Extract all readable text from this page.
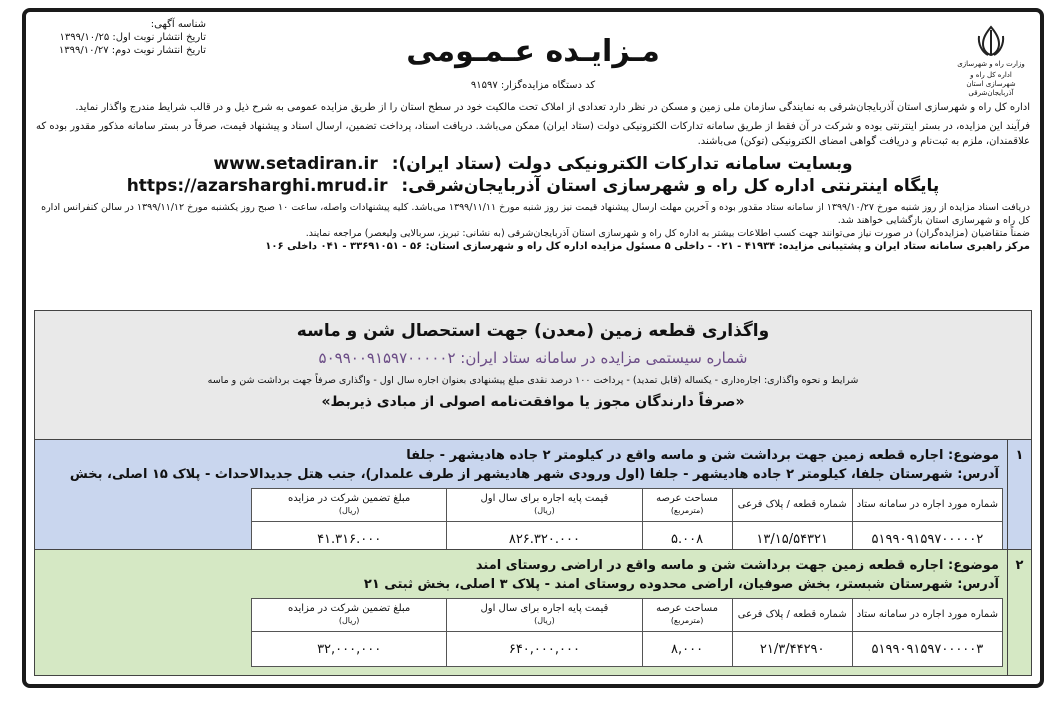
وزارت راه و شهرسازی
اداره کل راه و شهرسازی استان آذربایجان‌شرقی
مـزایـده عـمـومی
کد دستگاه مزایده‌گزار: ۹۱۵۹۷
شناسه آگهی:
تاریخ انتشار نوبت اول: ۱۳۹۹/۱۰/۲۵
تاریخ انتشار نوبت دوم: ۱۳۹۹/۱۰/۲۷
اداره کل راه و شهرسازی استان آذربایجان‌شرقی به نمایندگی سازمان ملی زمین و مسکن در نظر دارد تعدادی از املاک تحت مالکیت خود در سطح استان را از طریق مزایده عمومی به شرح ذیل و در قالب شرایط مندرج واگذار نماید.
فرآیند این مزایده، در بستر اینترنتی بوده و شرکت در آن فقط از طریق سامانه تدارکات الکترونیکی دولت (ستاد ایران) ممکن می‌باشد. دریافت اسناد، پرداخت تضمین، ارسال اسناد و پیشنهاد قیمت، صرفاً در بستر سامانه مذکور مقدور بوده که علاقمندان، ملزم به ثبت‌نام و دریافت گواهی امضای الکترونیکی (توکن) می‌باشند.
وبسایت سامانه تدارکات الکترونیکی دولت (ستاد ایران): www.setadiran.ir
پایگاه اینترنتی اداره کل راه و شهرسازی استان آذربایجان‌شرقی: https://azarsharghi.mrud.ir
دریافت اسناد مزایده از روز شنبه مورخ ۱۳۹۹/۱۰/۲۷ از سامانه ستاد مقدور بوده و آخرین مهلت ارسال پیشنهاد قیمت نیز روز شنبه مورخ ۱۳۹۹/۱۱/۱۱ می‌باشد. کلیه پیشنهادات واصله، ساعت ۱۰ صبح روز یکشنبه مورخ ۱۳۹۹/۱۱/۱۲ در سالن کنفرانس اداره کل راه و شهرسازی استان بازگشایی خواهند شد.
ضمناً متقاضیان (مزایده‌گران) در صورت نیاز می‌توانند جهت کسب اطلاعات بیشتر به اداره کل راه و شهرسازی استان آذربایجان‌شرقی (به نشانی: تبریز، سربالایی ولیعصر) مراجعه نمایند.
مرکز راهبری سامانه ستاد ایران و پشتیبانی مزایده: ۴۱۹۳۴ - ۰۲۱ - داخلی ۵ مسئول مزایده اداره کل راه و شهرسازی استان: ۵۶ - ۳۳۶۹۱۰۵۱ - ۰۴۱ داخلی ۱۰۶
واگذاری قطعه زمین (معدن) جهت استحصال شن و ماسه
شماره سیستمی مزایده در سامانه ستاد ایران: ۵۰۹۹۰۰۹۱۵۹۷۰۰۰۰۰۲
شرایط و نحوه واگذاری: اجاره‌داری - یکساله (قابل تمدید) - پرداخت ۱۰۰ درصد نقدی مبلغ پیشنهادی بعنوان اجاره سال اول - واگذاری صرفاً جهت برداشت شن و ماسه
«صرفاً دارندگان مجوز یا موافقت‌نامه اصولی از مبادی ذیربط»
۱
موضوع: اجاره قطعه زمین جهت برداشت شن و ماسه واقع در کیلومتر ۲ جاده هادیشهر - جلفا
آدرس: شهرستان جلفا، کیلومتر ۲ جاده هادیشهر - جلفا (اول ورودی شهر هادیشهر از طرف علمدار)، جنب هتل جدیدالاحداث - پلاک ۱۵ اصلی، بخش
شماره مورد اجاره در سامانه ستاد	شماره قطعه / پلاک فرعی	مساحت عرصه
(مترمربع)	قیمت پایه اجاره برای سال اول
(ریال)	مبلغ تضمین شرکت در مزایده
(ریال)

۵۱۹۹۰۹۱۵۹۷۰۰۰۰۰۲	۱۳/۱۵/۵۴۳۲۱	۵.۰۰۸	۸۲۶.۳۲۰.۰۰۰	۴۱.۳۱۶.۰۰۰
۲
موضوع: اجاره قطعه زمین جهت برداشت شن و ماسه واقع در اراضی روستای امند
آدرس: شهرستان شبستر، بخش صوفیان، اراضی محدوده روستای امند - پلاک ۳ اصلی، بخش ثبتی ۲۱
شماره مورد اجاره در سامانه ستاد	شماره قطعه / پلاک فرعی	مساحت عرصه
(مترمربع)	قیمت پایه اجاره برای سال اول
(ریال)	مبلغ تضمین شرکت در مزایده
(ریال)

۵۱۹۹۰۹۱۵۹۷۰۰۰۰۰۳	۲۱/۳/۴۴۲۹۰	۸,۰۰۰	۶۴۰,۰۰۰,۰۰۰	۳۲,۰۰۰,۰۰۰
